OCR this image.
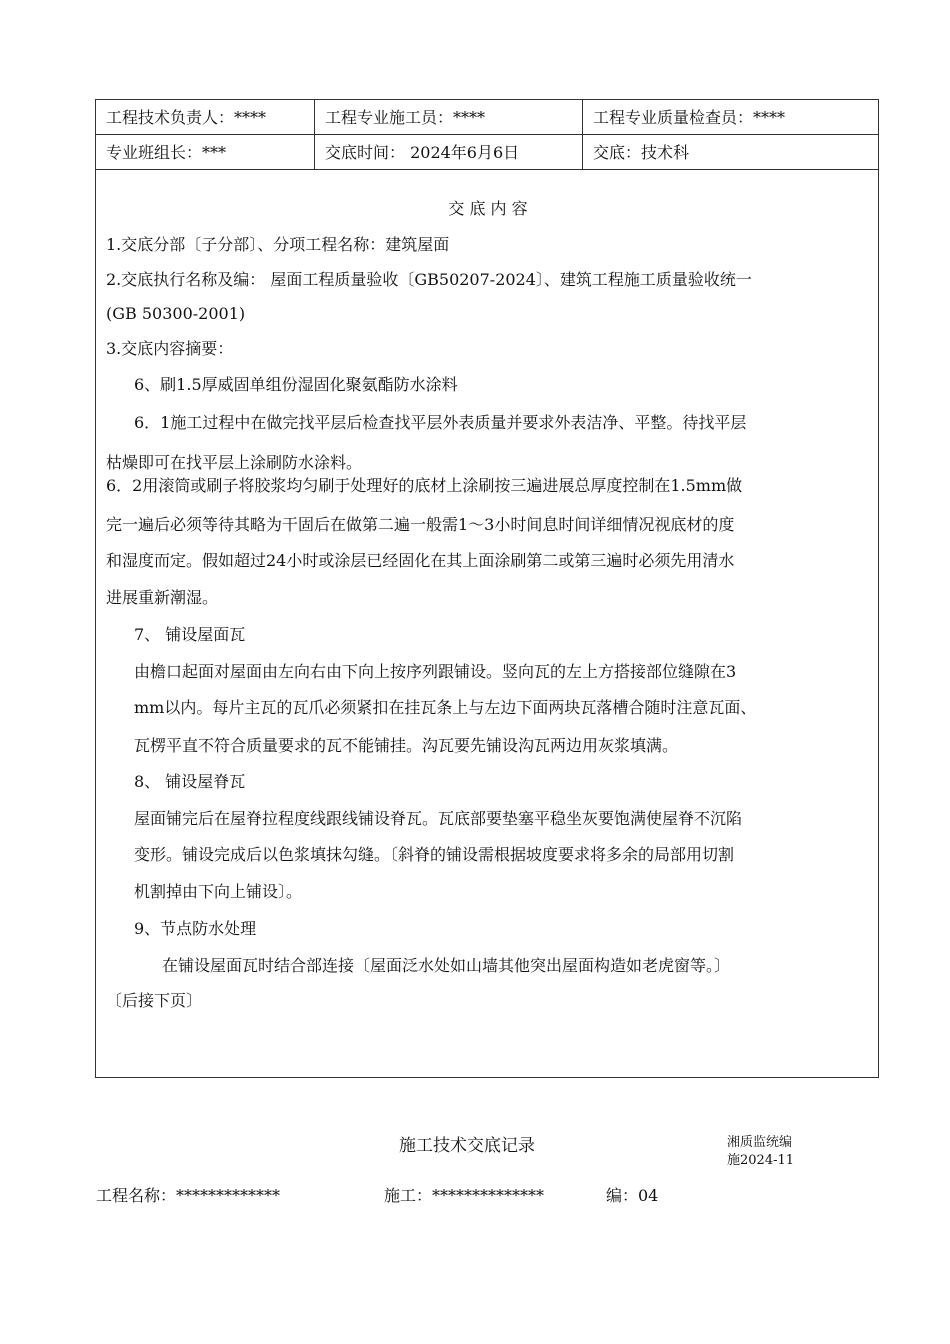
工程技术负责人：****	工程专业施工员：****	工程专业质量检查员：****
专业班组长：***	交底时间： 2024年6月6日	交底：技术科
交 底 内 容
1.交底分部〔子分部〕、分项工程名称：建筑屋面
2.交底执行名称及编： 屋面工程质量验收〔GB50207-2024〕、建筑工程施工质量验收统一
(GB 50300-2001)
3.交底内容摘要：
6、刷1.5厚威固单组份湿固化聚氨酯防水涂料
6．1施工过程中在做完找平层后检查找平层外表质量并要求外表洁净、平整。待找平层
枯燥即可在找平层上涂刷防水涂料。
6．2用滚筒或刷子将胶浆均匀刷于处理好的底材上涂刷按三遍进展总厚度控制在1.5mm做
完一遍后必须等待其略为干固后在做第二遍一般需1～3小时间息时间详细情况视底材的度
和湿度而定。假如超过24小时或涂层已经固化在其上面涂刷第二或第三遍时必须先用清水
进展重新潮湿。
7、 铺设屋面瓦
由檐口起面对屋面由左向右由下向上按序列跟铺设。竖向瓦的左上方搭接部位缝隙在3
mm以内。每片主瓦的瓦爪必须紧扣在挂瓦条上与左边下面两块瓦落槽合随时注意瓦面、
瓦楞平直不符合质量要求的瓦不能铺挂。沟瓦要先铺设沟瓦两边用灰浆填满。
8、 铺设屋脊瓦
屋面铺完后在屋脊拉程度线跟线铺设脊瓦。瓦底部要垫塞平稳坐灰要饱满使屋脊不沉陷
变形。铺设完成后以色浆填抹勾缝。〔斜脊的铺设需根据坡度要求将多余的局部用切割
机割掉由下向上铺设〕。
9、节点防水处理
在铺设屋面瓦时结合部连接〔屋面泛水处如山墙其他突出屋面构造如老虎窗等。〕
〔后接下页〕
施工技术交底记录	湘质监统编
施2024-11
工程名称：*************	施工：**************	编：04
